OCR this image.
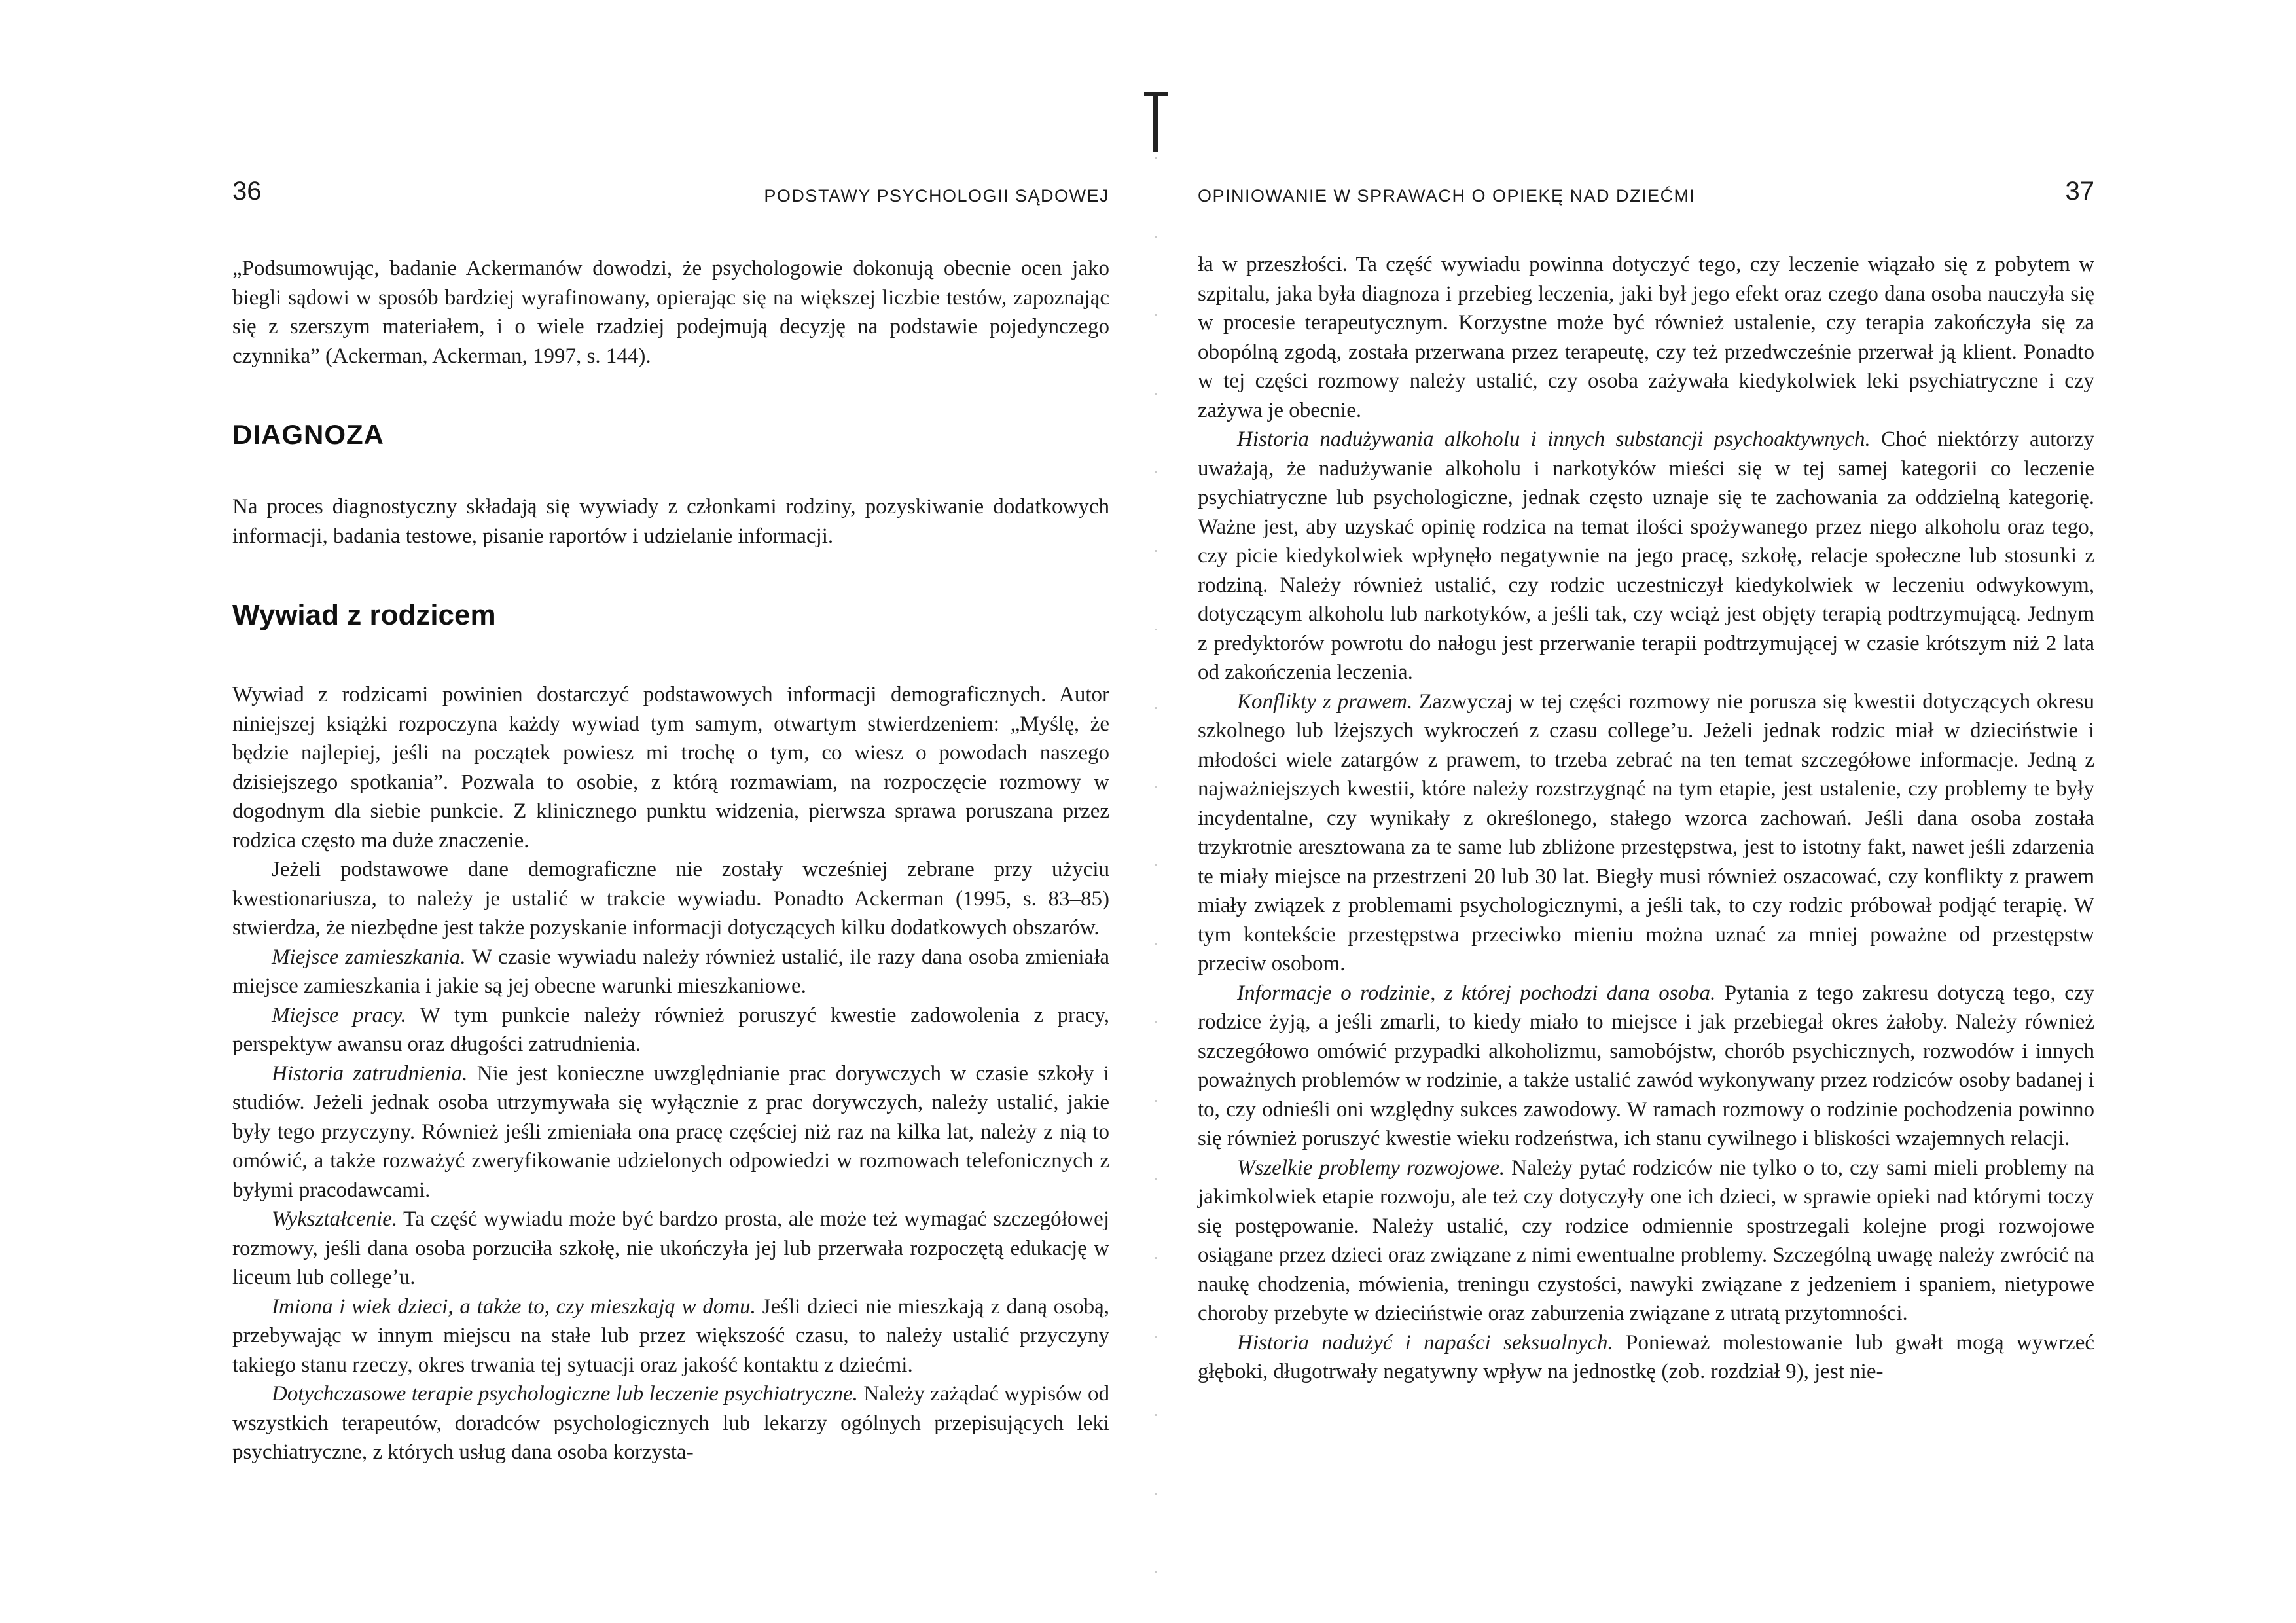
36	PODSTAWY PSYCHOLOGII SĄDOWEJ

„Podsumowując, badanie Ackermanów dowodzi, że psychologowie dokonują obecnie ocen jako biegli sądowi w sposób bardziej wyrafinowany, opierając się na większej liczbie testów, zapoznając się z szerszym materiałem, i o wiele rzadziej podejmują decyzję na podstawie pojedynczego czynnika” (Ackerman, Ackerman, 1997, s. 144).

DIAGNOZA

Na proces diagnostyczny składają się wywiady z członkami rodziny, pozyskiwanie dodatkowych informacji, badania testowe, pisanie raportów i udzielanie informacji.

Wywiad z rodzicem

Wywiad z rodzicami powinien dostarczyć podstawowych informacji demograficznych. Autor niniejszej książki rozpoczyna każdy wywiad tym samym, otwartym stwierdzeniem: „Myślę, że będzie najlepiej, jeśli na początek powiesz mi trochę o tym, co wiesz o powodach naszego dzisiejszego spotkania”. Pozwala to osobie, z którą rozmawiam, na rozpoczęcie rozmowy w dogodnym dla siebie punkcie. Z klinicznego punktu widzenia, pierwsza sprawa poruszana przez rodzica często ma duże znaczenie.

Jeżeli podstawowe dane demograficzne nie zostały wcześniej zebrane przy użyciu kwestionariusza, to należy je ustalić w trakcie wywiadu. Ponadto Ackerman (1995, s. 83–85) stwierdza, że niezbędne jest także pozyskanie informacji dotyczących kilku dodatkowych obszarów.

Miejsce zamieszkania. W czasie wywiadu należy również ustalić, ile razy dana osoba zmieniała miejsce zamieszkania i jakie są jej obecne warunki mieszkaniowe.

Miejsce pracy. W tym punkcie należy również poruszyć kwestie zadowolenia z pracy, perspektyw awansu oraz długości zatrudnienia.

Historia zatrudnienia. Nie jest konieczne uwzględnianie prac dorywczych w czasie szkoły i studiów. Jeżeli jednak osoba utrzymywała się wyłącznie z prac dorywczych, należy ustalić, jakie były tego przyczyny. Również jeśli zmieniała ona pracę częściej niż raz na kilka lat, należy z nią to omówić, a także rozważyć zweryfikowanie udzielonych odpowiedzi w rozmowach telefonicznych z byłymi pracodawcami.

Wykształcenie. Ta część wywiadu może być bardzo prosta, ale może też wymagać szczegółowej rozmowy, jeśli dana osoba porzuciła szkołę, nie ukończyła jej lub przerwała rozpoczętą edukację w liceum lub college’u.

Imiona i wiek dzieci, a także to, czy mieszkają w domu. Jeśli dzieci nie mieszkają z daną osobą, przebywając w innym miejscu na stałe lub przez większość czasu, to należy ustalić przyczyny takiego stanu rzeczy, okres trwania tej sytuacji oraz jakość kontaktu z dziećmi.

Dotychczasowe terapie psychologiczne lub leczenie psychiatryczne. Należy zażądać wypisów od wszystkich terapeutów, doradców psychologicznych lub lekarzy ogólnych przepisujących leki psychiatryczne, z których usług dana osoba korzysta-

OPINIOWANIE W SPRAWACH O OPIEKĘ NAD DZIEĆMI	37

ła w przeszłości. Ta część wywiadu powinna dotyczyć tego, czy leczenie wiązało się z pobytem w szpitalu, jaka była diagnoza i przebieg leczenia, jaki był jego efekt oraz czego dana osoba nauczyła się w procesie terapeutycznym. Korzystne może być również ustalenie, czy terapia zakończyła się za obopólną zgodą, została przerwana przez terapeutę, czy też przedwcześnie przerwał ją klient. Ponadto w tej części rozmowy należy ustalić, czy osoba zażywała kiedykolwiek leki psychiatryczne i czy zażywa je obecnie.

Historia nadużywania alkoholu i innych substancji psychoaktywnych. Choć niektórzy autorzy uważają, że nadużywanie alkoholu i narkotyków mieści się w tej samej kategorii co leczenie psychiatryczne lub psychologiczne, jednak często uznaje się te zachowania za oddzielną kategorię. Ważne jest, aby uzyskać opinię rodzica na temat ilości spożywanego przez niego alkoholu oraz tego, czy picie kiedykolwiek wpłynęło negatywnie na jego pracę, szkołę, relacje społeczne lub stosunki z rodziną. Należy również ustalić, czy rodzic uczestniczył kiedykolwiek w leczeniu odwykowym, dotyczącym alkoholu lub narkotyków, a jeśli tak, czy wciąż jest objęty terapią podtrzymującą. Jednym z predyktorów powrotu do nałogu jest przerwanie terapii podtrzymującej w czasie krótszym niż 2 lata od zakończenia leczenia.

Konflikty z prawem. Zazwyczaj w tej części rozmowy nie porusza się kwestii dotyczących okresu szkolnego lub lżejszych wykroczeń z czasu college’u. Jeżeli jednak rodzic miał w dzieciństwie i młodości wiele zatargów z prawem, to trzeba zebrać na ten temat szczegółowe informacje. Jedną z najważniejszych kwestii, które należy rozstrzygnąć na tym etapie, jest ustalenie, czy problemy te były incydentalne, czy wynikały z określonego, stałego wzorca zachowań. Jeśli dana osoba została trzykrotnie aresztowana za te same lub zbliżone przestępstwa, jest to istotny fakt, nawet jeśli zdarzenia te miały miejsce na przestrzeni 20 lub 30 lat. Biegły musi również oszacować, czy konflikty z prawem miały związek z problemami psychologicznymi, a jeśli tak, to czy rodzic próbował podjąć terapię. W tym kontekście przestępstwa przeciwko mieniu można uznać za mniej poważne od przestępstw przeciw osobom.

Informacje o rodzinie, z której pochodzi dana osoba. Pytania z tego zakresu dotyczą tego, czy rodzice żyją, a jeśli zmarli, to kiedy miało to miejsce i jak przebiegał okres żałoby. Należy również szczegółowo omówić przypadki alkoholizmu, samobójstw, chorób psychicznych, rozwodów i innych poważnych problemów w rodzinie, a także ustalić zawód wykonywany przez rodziców osoby badanej i to, czy odnieśli oni względny sukces zawodowy. W ramach rozmowy o rodzinie pochodzenia powinno się również poruszyć kwestie wieku rodzeństwa, ich stanu cywilnego i bliskości wzajemnych relacji.

Wszelkie problemy rozwojowe. Należy pytać rodziców nie tylko o to, czy sami mieli problemy na jakimkolwiek etapie rozwoju, ale też czy dotyczyły one ich dzieci, w sprawie opieki nad którymi toczy się postępowanie. Należy ustalić, czy rodzice odmiennie spostrzegali kolejne progi rozwojowe osiągane przez dzieci oraz związane z nimi ewentualne problemy. Szczególną uwagę należy zwrócić na naukę chodzenia, mówienia, treningu czystości, nawyki związane z jedzeniem i spaniem, nietypowe choroby przebyte w dzieciństwie oraz zaburzenia związane z utratą przytomności.

Historia nadużyć i napaści seksualnych. Ponieważ molestowanie lub gwałt mogą wywrzeć głęboki, długotrwały negatywny wpływ na jednostkę (zob. rozdział 9), jest nie-
